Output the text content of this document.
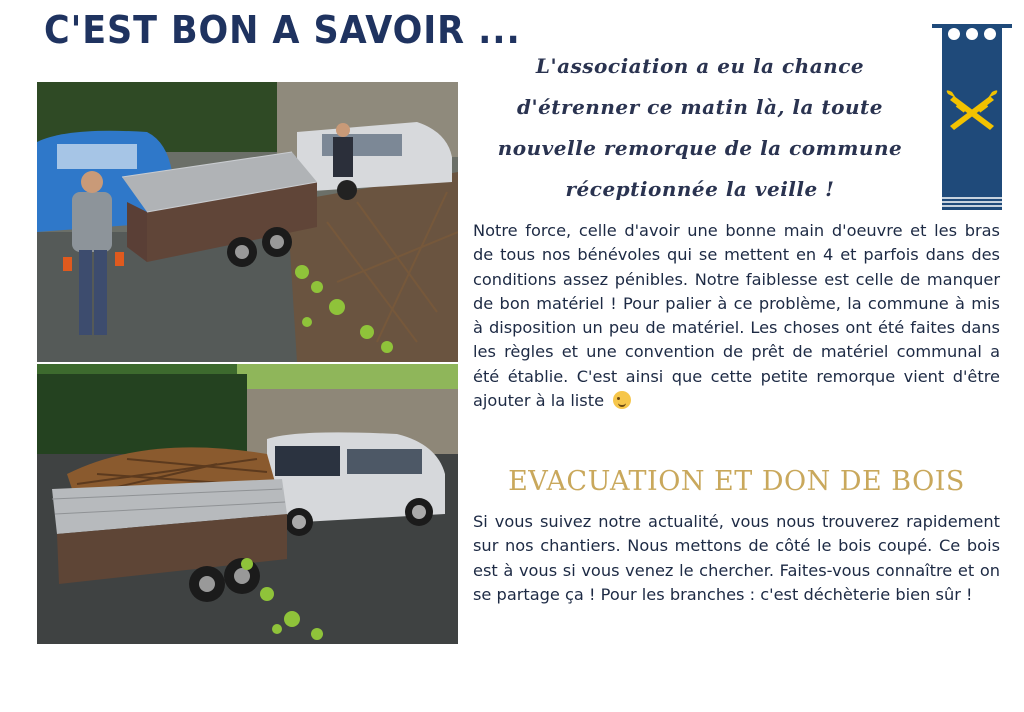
C'EST BON A SAVOIR ...
L'association a eu la chance
d'étrenner ce matin là, la toute
nouvelle remorque de la commune
réceptionnée la veille !
Notre force, celle d'avoir une bonne main d'oeuvre et les bras de tous nos bénévoles qui se mettent en 4 et parfois dans des conditions assez pénibles. Notre faiblesse est celle de manquer de bon matériel ! Pour palier à ce problème, la commune à mis à disposition un peu de matériel. Les choses ont été faites dans les règles et une convention de prêt de matériel communal a été établie. C'est ainsi que cette petite remorque vient d'être ajouter à la liste
EVACUATION ET DON DE BOIS
Si vous suivez notre actualité, vous nous trouverez rapidement sur nos chantiers. Nous mettons de côté le bois coupé. Ce bois est à vous si vous venez le chercher. Faites-vous connaître et on se partage ça ! Pour les branches : c'est déchèterie bien sûr !
